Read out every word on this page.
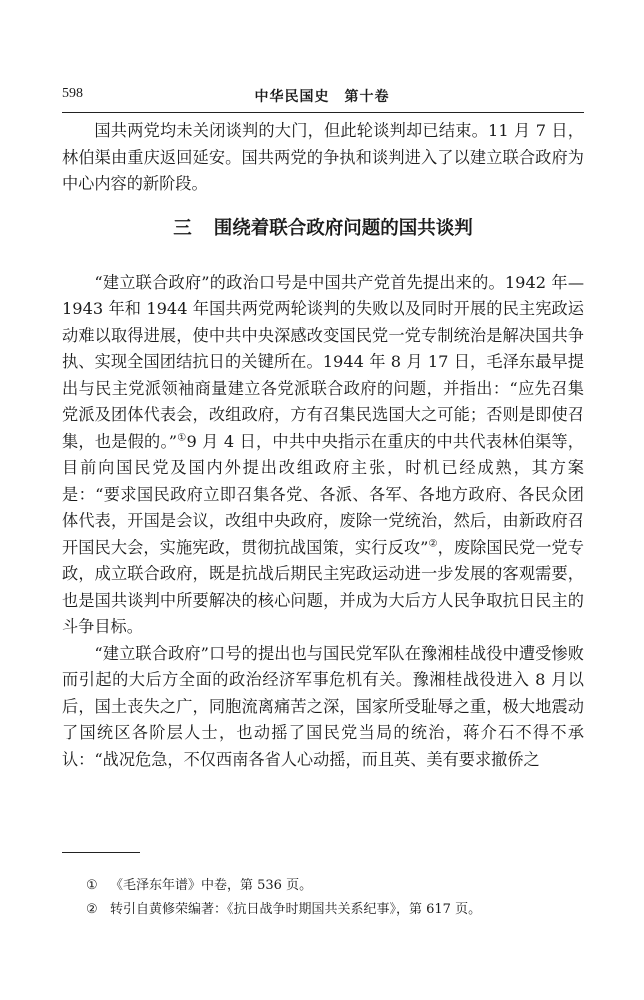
598	中华民国史　第十卷

国共两党均未关闭谈判的大门，但此轮谈判却已结束。11 月 7 日，林伯渠由重庆返回延安。国共两党的争执和谈判进入了以建立联合政府为中心内容的新阶段。

三 围绕着联合政府问题的国共谈判

“建立联合政府”的政治口号是中国共产党首先提出来的。1942 年—1943 年和 1944 年国共两党两轮谈判的失败以及同时开展的民主宪政运动难以取得进展，使中共中央深感改变国民党一党专制统治是解决国共争执、实现全国团结抗日的关键所在。1944 年 8 月 17 日，毛泽东最早提出与民主党派领袖商量建立各党派联合政府的问题，并指出：“应先召集党派及团体代表会，改组政府，方有召集民选国大之可能；否则是即使召集，也是假的。”①9 月 4 日，中共中央指示在重庆的中共代表林伯渠等，目前向国民党及国内外提出改组政府主张，时机已经成熟，其方案是：“要求国民政府立即召集各党、各派、各军、各地方政府、各民众团体代表，开国是会议，改组中央政府，废除一党统治，然后，由新政府召开国民大会，实施宪政，贯彻抗战国策，实行反攻”②，废除国民党一党专政，成立联合政府，既是抗战后期民主宪政运动进一步发展的客观需要，也是国共谈判中所要解决的核心问题，并成为大后方人民争取抗日民主的斗争目标。

“建立联合政府”口号的提出也与国民党军队在豫湘桂战役中遭受惨败而引起的大后方全面的政治经济军事危机有关。豫湘桂战役进入 8 月以后，国土丧失之广，同胞流离痛苦之深，国家所受耻辱之重，极大地震动了国统区各阶层人士，也动摇了国民党当局的统治，蒋介石不得不承认：“战况危急，不仅西南各省人心动摇，而且英、美有要求撤侨之

① 《毛泽东年谱》中卷，第 536 页。

② 转引自黄修荣编著：《抗日战争时期国共关系纪事》，第 617 页。
